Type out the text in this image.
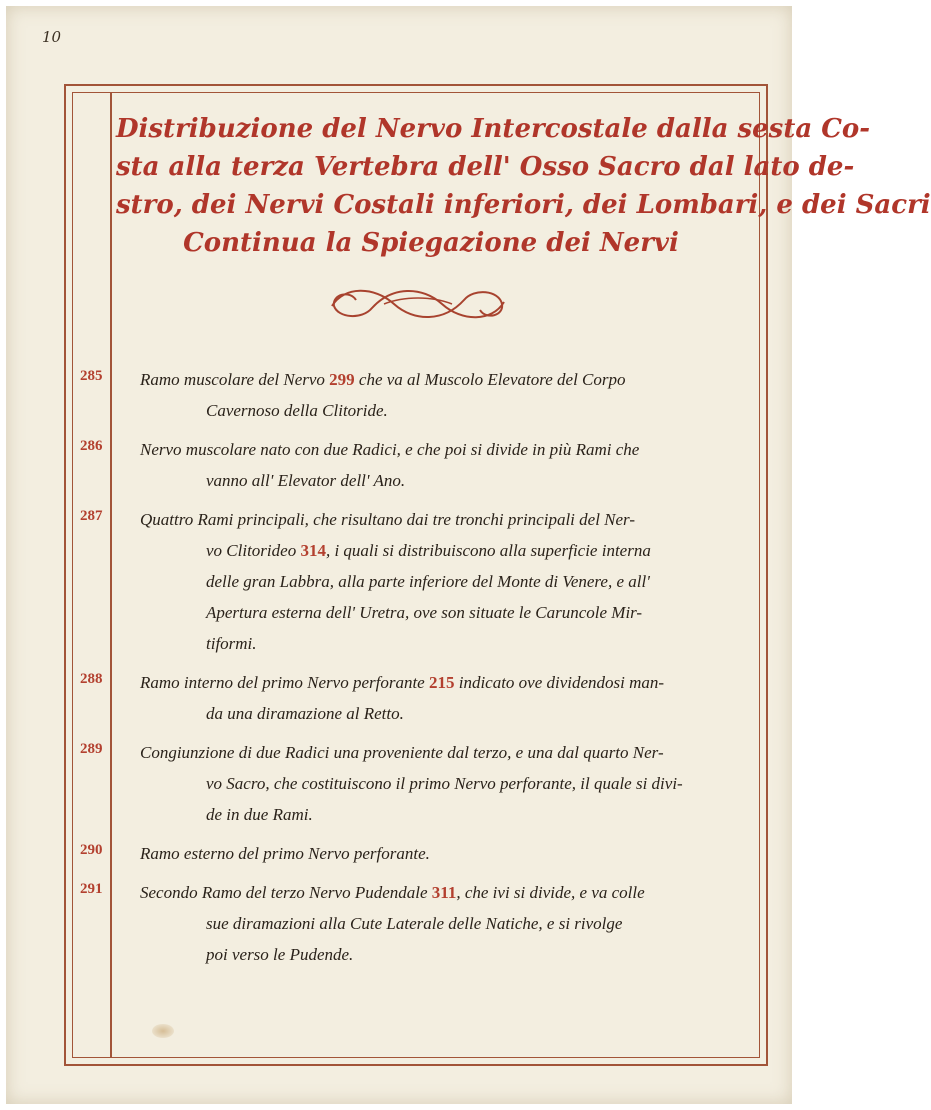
10
Distribuzione del Nervo Intercostale dalla sesta Co-
sta alla terza Vertebra dell' Osso Sacro dal lato de-
stro, dei Nervi Costali inferiori, dei Lombari, e dei Sacri
Continua la Spiegazione dei Nervi
285	Ramo muscolare del Nervo 299 che va al Muscolo Elevatore del Corpo
Cavernoso della Clitoride.
286	Nervo muscolare nato con due Radici, e che poi si divide in più Rami che
vanno all' Elevator dell' Ano.
287	Quattro Rami principali, che risultano dai tre tronchi principali del Ner-
vo Clitorideo 314, i quali si distribuiscono alla superficie interna
delle gran Labbra, alla parte inferiore del Monte di Venere, e all'
Apertura esterna dell' Uretra, ove son situate le Caruncole Mir-
tiformi.
288	Ramo interno del primo Nervo perforante 215 indicato ove dividendosi man-
da una diramazione al Retto.
289	Congiunzione di due Radici una proveniente dal terzo, e una dal quarto Ner-
vo Sacro, che costituiscono il primo Nervo perforante, il quale si divi-
de in due Rami.
290	Ramo esterno del primo Nervo perforante.
291	Secondo Ramo del terzo Nervo Pudendale 311, che ivi si divide, e va colle
sue diramazioni alla Cute Laterale delle Natiche, e si rivolge
poi verso le Pudende.
